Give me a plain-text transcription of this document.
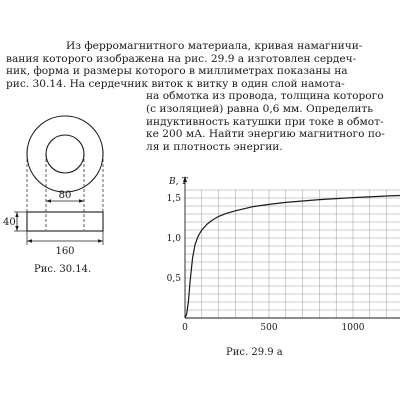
Из ферромагнитного материала, кривая намагничи-
вания которого изображена на рис. 29.9 а изготовлен сердеч-
ник, форма и размеры которого в миллиметрах показаны на
рис. 30.14. На сердечник виток к витку в один слой намота-
на обмотка из провода, толщина которого
(с изоляцией) равна 0,6 мм. Определить
индуктивность катушки при токе в обмот-
ке 200 мА. Найти энергию магнитного по-
ля и плотность энергии.
80
160
40
0	500	1000
0,5
1,0
1,5
B, Т
Рис. 30.14.
Рис. 29.9 а
